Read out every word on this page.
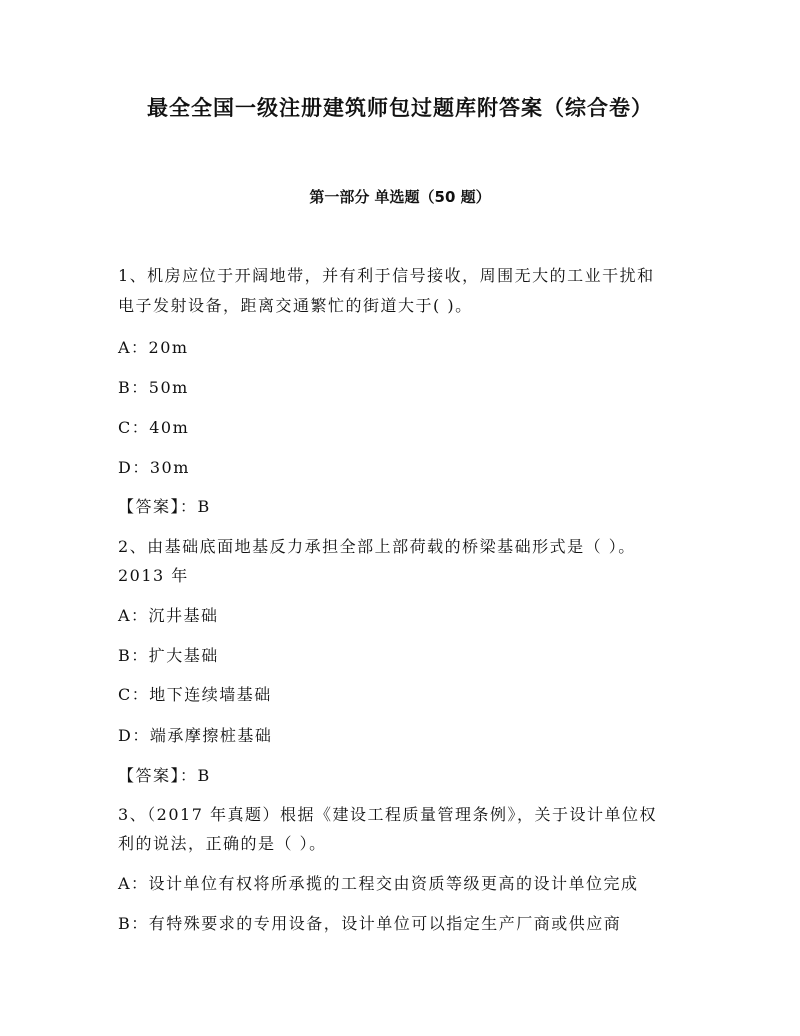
最全全国一级注册建筑师包过题库附答案（综合卷）
第一部分 单选题（50 题）
1、机房应位于开阔地带，并有利于信号接收，周围无大的工业干扰和
电子发射设备，距离交通繁忙的街道大于( )。
A：20m
B：50m
C：40m
D：30m
【答案】：B
2、由基础底面地基反力承担全部上部荷载的桥梁基础形式是（ ）。
2013 年
A：沉井基础
B：扩大基础
C：地下连续墙基础
D：端承摩擦桩基础
【答案】：B
3、（2017 年真题）根据《建设工程质量管理条例》，关于设计单位权
利的说法，正确的是（ ）。
A：设计单位有权将所承揽的工程交由资质等级更高的设计单位完成
B：有特殊要求的专用设备，设计单位可以指定生产厂商或供应商
